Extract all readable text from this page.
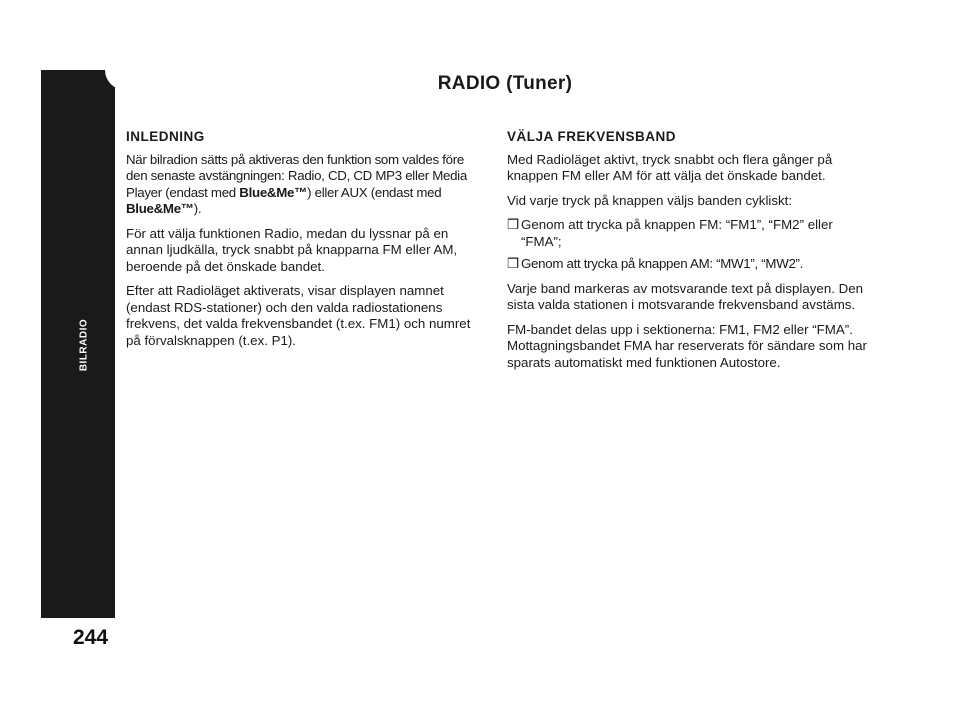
BILRADIO
244
RADIO (Tuner)
INLEDNING

När bilradion sätts på aktiveras den funktion som valdes före den senaste avstängningen: Radio, CD, CD MP3 eller Media Player (endast med Blue&Me™) eller AUX (endast med Blue&Me™).

För att välja funktionen Radio, medan du lyssnar på en annan ljudkälla, tryck snabbt på knapparna FM eller AM, beroende på det önskade bandet.

Efter att Radioläget aktiverats, visar displayen namnet (endast RDS-stationer) och den valda radiostationens frekvens, det valda frekvensbandet (t.ex. FM1) och numret på förvalsknappen (t.ex. P1).

VÄLJA FREKVENSBAND

Med Radioläget aktivt, tryck snabbt och flera gånger på knappen FM eller AM för att välja det önskade bandet.

Vid varje tryck på knappen väljs banden cykliskt:

❒ Genom att trycka på knappen FM: “FM1”, “FM2” eller “FMA”;
❒ Genom att trycka på knappen AM: “MW1”, “MW2”.

Varje band markeras av motsvarande text på displayen. Den sista valda stationen i motsvarande frekvensband avstäms.

FM-bandet delas upp i sektionerna: FM1, FM2 eller “FMA”. Mottagningsbandet FMA har reserverats för sändare som har sparats automatiskt med funktionen Autostore.
